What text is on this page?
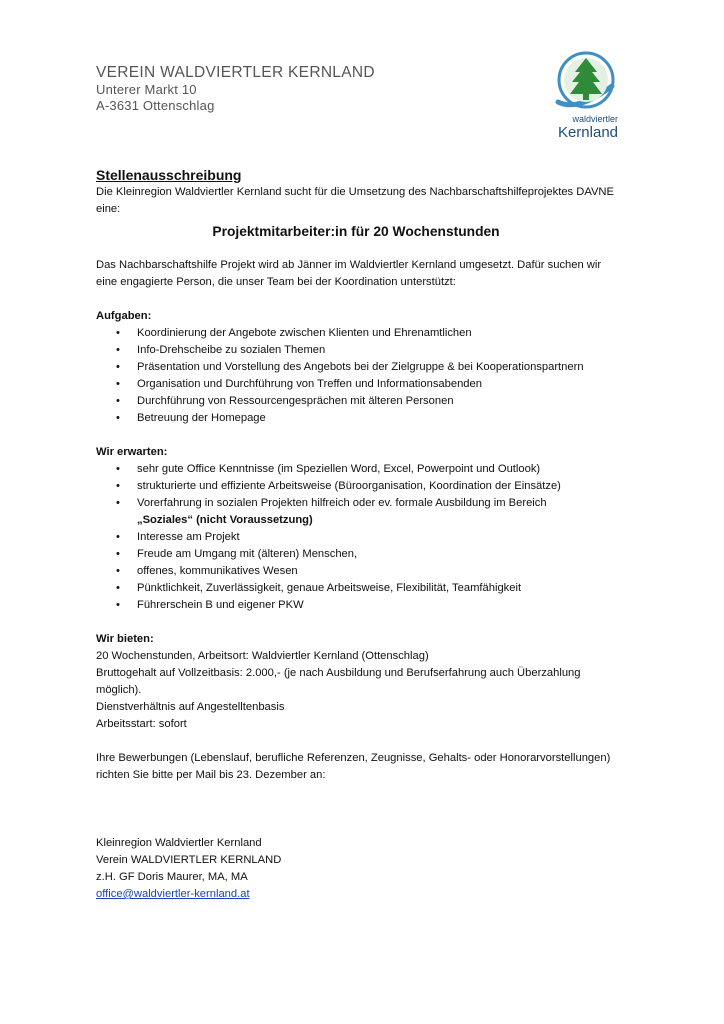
VEREIN WALDVIERTLER KERNLAND
Unterer Markt 10
A-3631 Ottenschlag
waldviertler
Kernland
Stellenausschreibung

Die Kleinregion Waldviertler Kernland sucht für die Umsetzung des Nachbarschaftshilfeprojektes DAVNE eine:

Projektmitarbeiter:in für 20 Wochenstunden

Das Nachbarschaftshilfe Projekt wird ab Jänner im Waldviertler Kernland umgesetzt. Dafür suchen wir eine engagierte Person, die unser Team bei der Koordination unterstützt:

Aufgaben:
• Koordinierung der Angebote zwischen Klienten und Ehrenamtlichen
• Info-Drehscheibe zu sozialen Themen
• Präsentation und Vorstellung des Angebots bei der Zielgruppe & bei Kooperationspartnern
• Organisation und Durchführung von Treffen und Informationsabenden
• Durchführung von Ressourcengesprächen mit älteren Personen
• Betreuung der Homepage
Wir erwarten:
• sehr gute Office Kenntnisse (im Speziellen Word, Excel, Powerpoint und Outlook)
• strukturierte und effiziente Arbeitsweise (Büroorganisation, Koordination der Einsätze)
• Vorerfahrung in sozialen Projekten hilfreich oder ev. formale Ausbildung im Bereich
„Soziales“ (nicht Voraussetzung)
• Interesse am Projekt
• Freude am Umgang mit (älteren) Menschen,
• offenes, kommunikatives Wesen
• Pünktlichkeit, Zuverlässigkeit, genaue Arbeitsweise, Flexibilität, Teamfähigkeit
• Führerschein B und eigener PKW
Wir bieten:
20 Wochenstunden, Arbeitsort: Waldviertler Kernland (Ottenschlag)
Bruttogehalt auf Vollzeitbasis: 2.000,- (je nach Ausbildung und Berufserfahrung auch Überzahlung möglich).
Dienstverhältnis auf Angestelltenbasis
Arbeitsstart: sofort

Ihre Bewerbungen (Lebenslauf, berufliche Referenzen, Zeugnisse, Gehalts- oder Honorarvorstellungen) richten Sie bitte per Mail bis 23. Dezember an:

Kleinregion Waldviertler Kernland
Verein WALDVIERTLER KERNLAND
z.H. GF Doris Maurer, MA, MA
office@waldviertler-kernland.at
